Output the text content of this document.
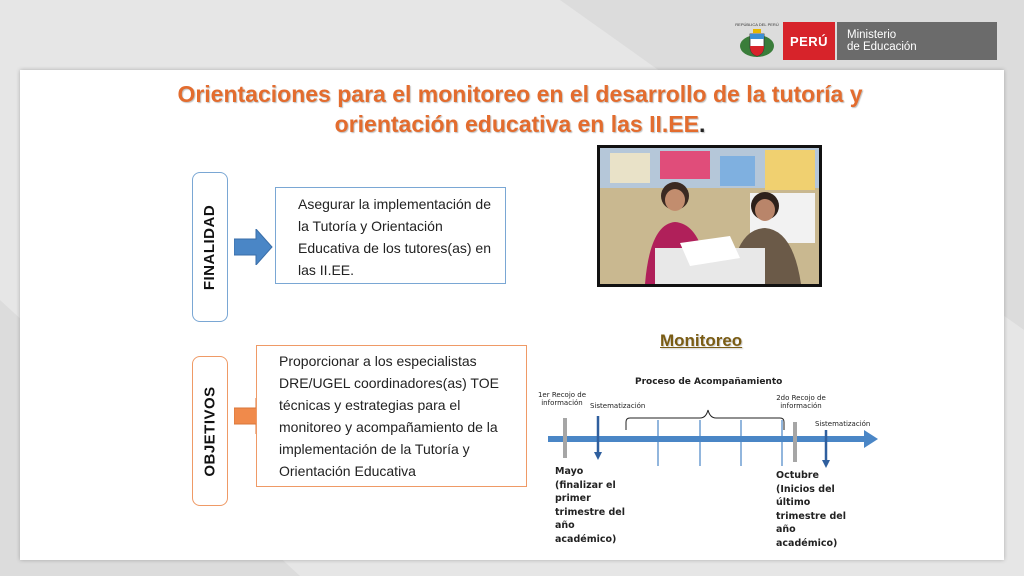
REPÚBLICA DEL PERÚ
PERÚ	Ministerio
de Educación
Orientaciones para el monitoreo en el desarrollo de la tutoría y orientación educativa en las II.EE.
FINALIDAD
Asegurar la implementación de la Tutoría y Orientación Educativa de los tutores(as) en las II.EE.
OBJETIVOS
Proporcionar a los especialistas DRE/UGEL coordinadores(as) TOE técnicas y estrategias para el monitoreo y acompañamiento de la implementación de la Tutoría y Orientación Educativa
Monitoreo
Proceso de Acompañamiento
1er Recojo de
información	Sistematización
2do Recojo de
información
Sistematización
Mayo
(finalizar el
primer
trimestre del
año
académico)
Octubre
(Inicios del
último
trimestre del
año
académico)
